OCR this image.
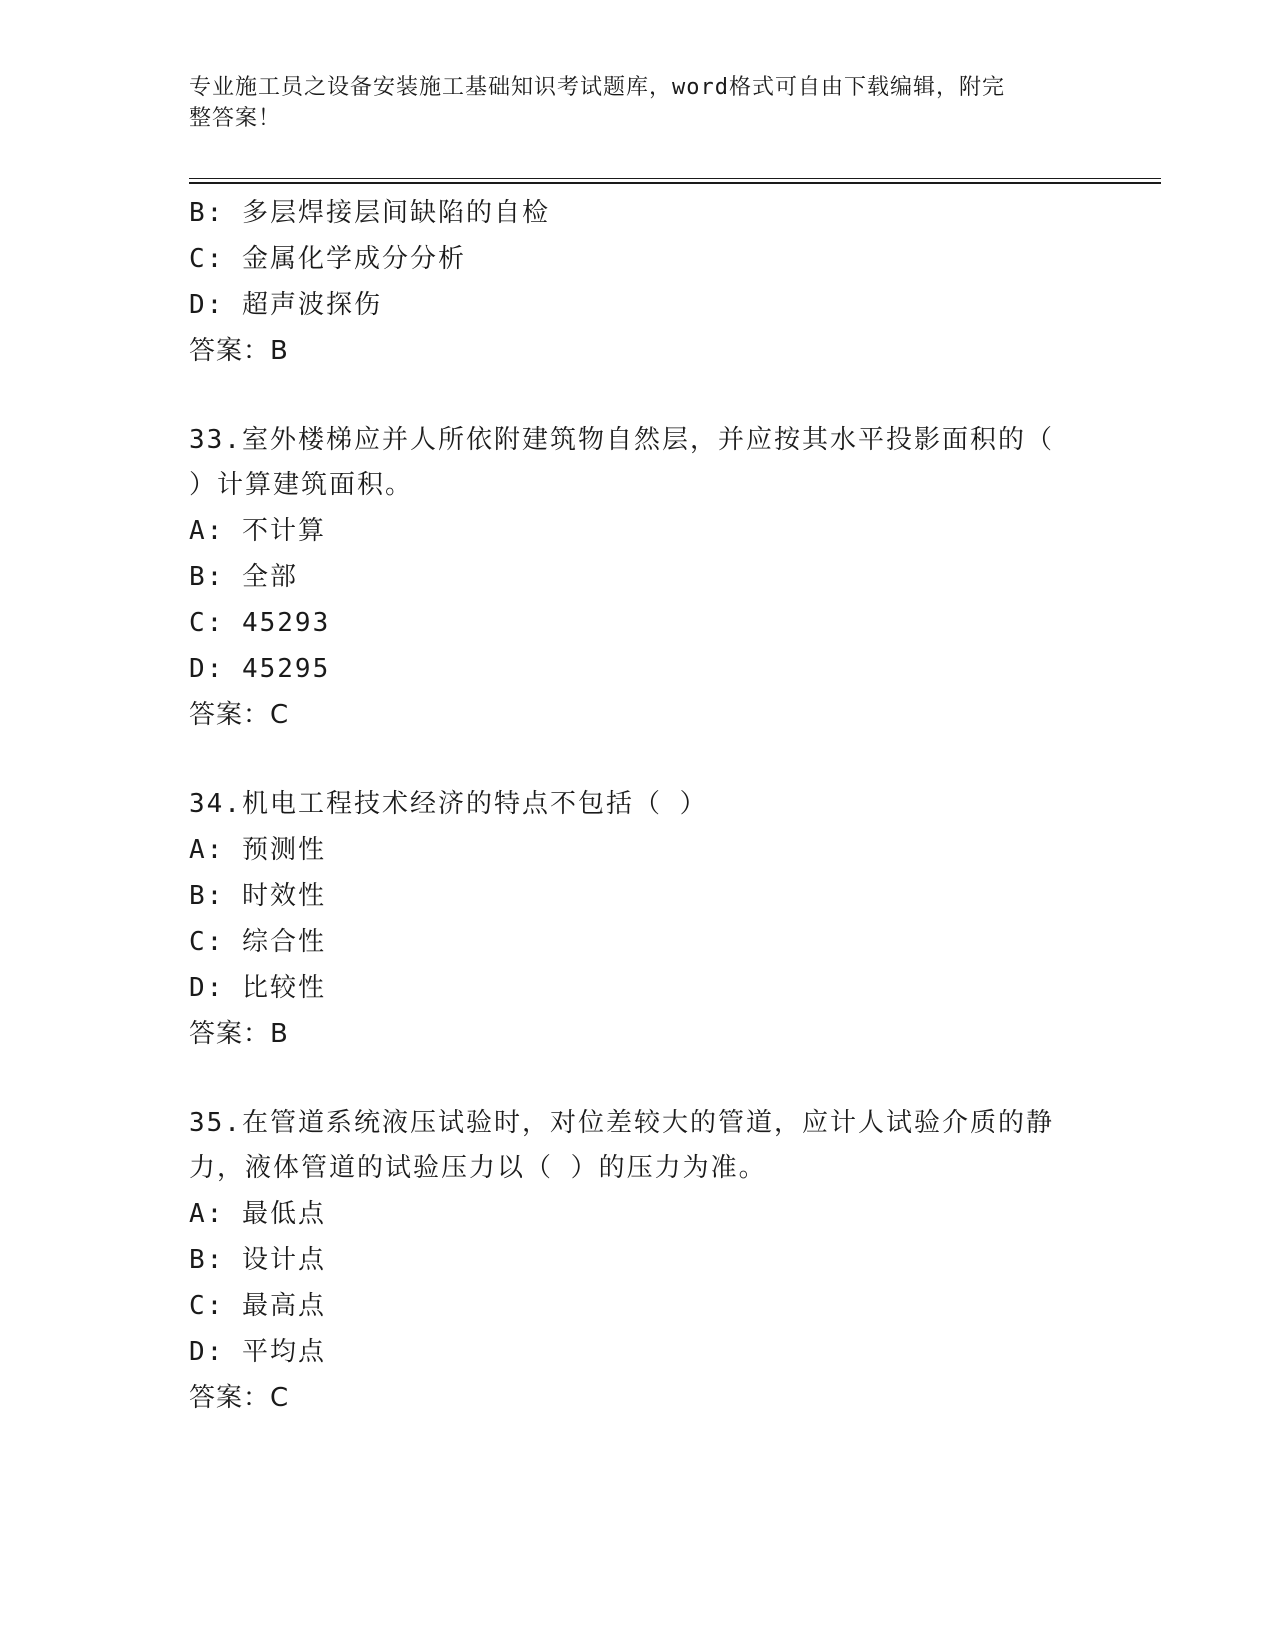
专业施工员之设备安装施工基础知识考试题库，word格式可自由下载编辑，附完
整答案！
B: 多层焊接层间缺陷的自检
C: 金属化学成分分析
D: 超声波探伤
答案：B
33.室外楼梯应并人所依附建筑物自然层，并应按其水平投影面积的（
）计算建筑面积。
A: 不计算
B: 全部
C: 45293
D: 45295
答案：C
34.机电工程技术经济的特点不包括（ ）
A: 预测性
B: 时效性
C: 综合性
D: 比较性
答案：B
35.在管道系统液压试验时，对位差较大的管道，应计人试验介质的静
力，液体管道的试验压力以（ ）的压力为准。
A: 最低点
B: 设计点
C: 最高点
D: 平均点
答案：C
